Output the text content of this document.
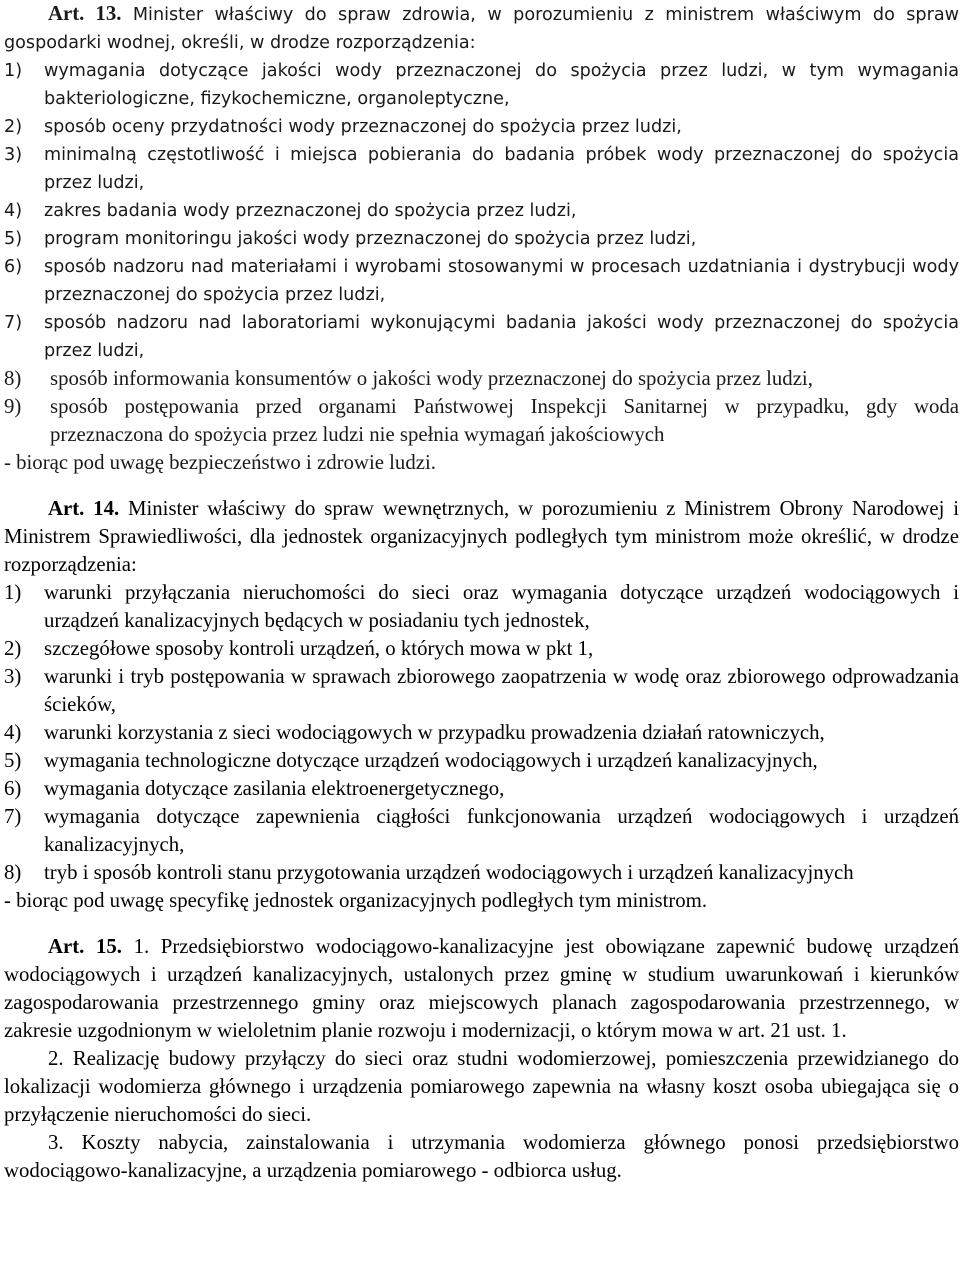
Art. 13. Minister właściwy do spraw zdrowia, w porozumieniu z ministrem właściwym do spraw gospodarki wodnej, określi, w drodze rozporządzenia:

1)	wymagania dotyczące jakości wody przeznaczonej do spożycia przez ludzi, w tym wymagania bakteriologiczne, fizykochemiczne, organoleptyczne,
2)	sposób oceny przydatności wody przeznaczonej do spożycia przez ludzi,
3)	minimalną częstotliwość i miejsca pobierania do badania próbek wody przeznaczonej do spożycia przez ludzi,
4)	zakres badania wody przeznaczonej do spożycia przez ludzi,
5)	program monitoringu jakości wody przeznaczonej do spożycia przez ludzi,
6)	sposób nadzoru nad materiałami i wyrobami stosowanymi w procesach uzdatniania i dystrybucji wody przeznaczonej do spożycia przez ludzi,
7)	sposób nadzoru nad laboratoriami wykonującymi badania jakości wody przeznaczonej do spożycia przez ludzi,
8)	sposób informowania konsumentów o jakości wody przeznaczonej do spożycia przez ludzi,
9)	sposób postępowania przed organami Państwowej Inspekcji Sanitarnej w przypadku, gdy woda przeznaczona do spożycia przez ludzi nie spełnia wymagań jakościowych

- biorąc pod uwagę bezpieczeństwo i zdrowie ludzi.

Art. 14. Minister właściwy do spraw wewnętrznych, w porozumieniu z Ministrem Obrony Narodowej i Ministrem Sprawiedliwości, dla jednostek organizacyjnych podległych tym ministrom może określić, w drodze rozporządzenia:

1)	warunki przyłączania nieruchomości do sieci oraz wymagania dotyczące urządzeń wodociągowych i urządzeń kanalizacyjnych będących w posiadaniu tych jednostek,
2)	szczegółowe sposoby kontroli urządzeń, o których mowa w pkt 1,
3)	warunki i tryb postępowania w sprawach zbiorowego zaopatrzenia w wodę oraz zbiorowego odprowadzania ścieków,
4)	warunki korzystania z sieci wodociągowych w przypadku prowadzenia działań ratowniczych,
5)	wymagania technologiczne dotyczące urządzeń wodociągowych i urządzeń kanalizacyjnych,
6)	wymagania dotyczące zasilania elektroenergetycznego,
7)	wymagania dotyczące zapewnienia ciągłości funkcjonowania urządzeń wodociągowych i urządzeń kanalizacyjnych,
8)	tryb i sposób kontroli stanu przygotowania urządzeń wodociągowych i urządzeń kanalizacyjnych

- biorąc pod uwagę specyfikę jednostek organizacyjnych podległych tym ministrom.

Art. 15. 1. Przedsiębiorstwo wodociągowo-kanalizacyjne jest obowiązane zapewnić budowę urządzeń wodociągowych i urządzeń kanalizacyjnych, ustalonych przez gminę w studium uwarunkowań i kierunków zagospodarowania przestrzennego gminy oraz miejscowych planach zagospodarowania przestrzennego, w zakresie uzgodnionym w wieloletnim planie rozwoju i modernizacji, o którym mowa w art. 21 ust. 1.

2. Realizację budowy przyłączy do sieci oraz studni wodomierzowej, pomieszczenia przewidzianego do lokalizacji wodomierza głównego i urządzenia pomiarowego zapewnia na własny koszt osoba ubiegająca się o przyłączenie nieruchomości do sieci.

3. Koszty nabycia, zainstalowania i utrzymania wodomierza głównego ponosi przedsiębiorstwo wodociągowo-kanalizacyjne, a urządzenia pomiarowego - odbiorca usług.
